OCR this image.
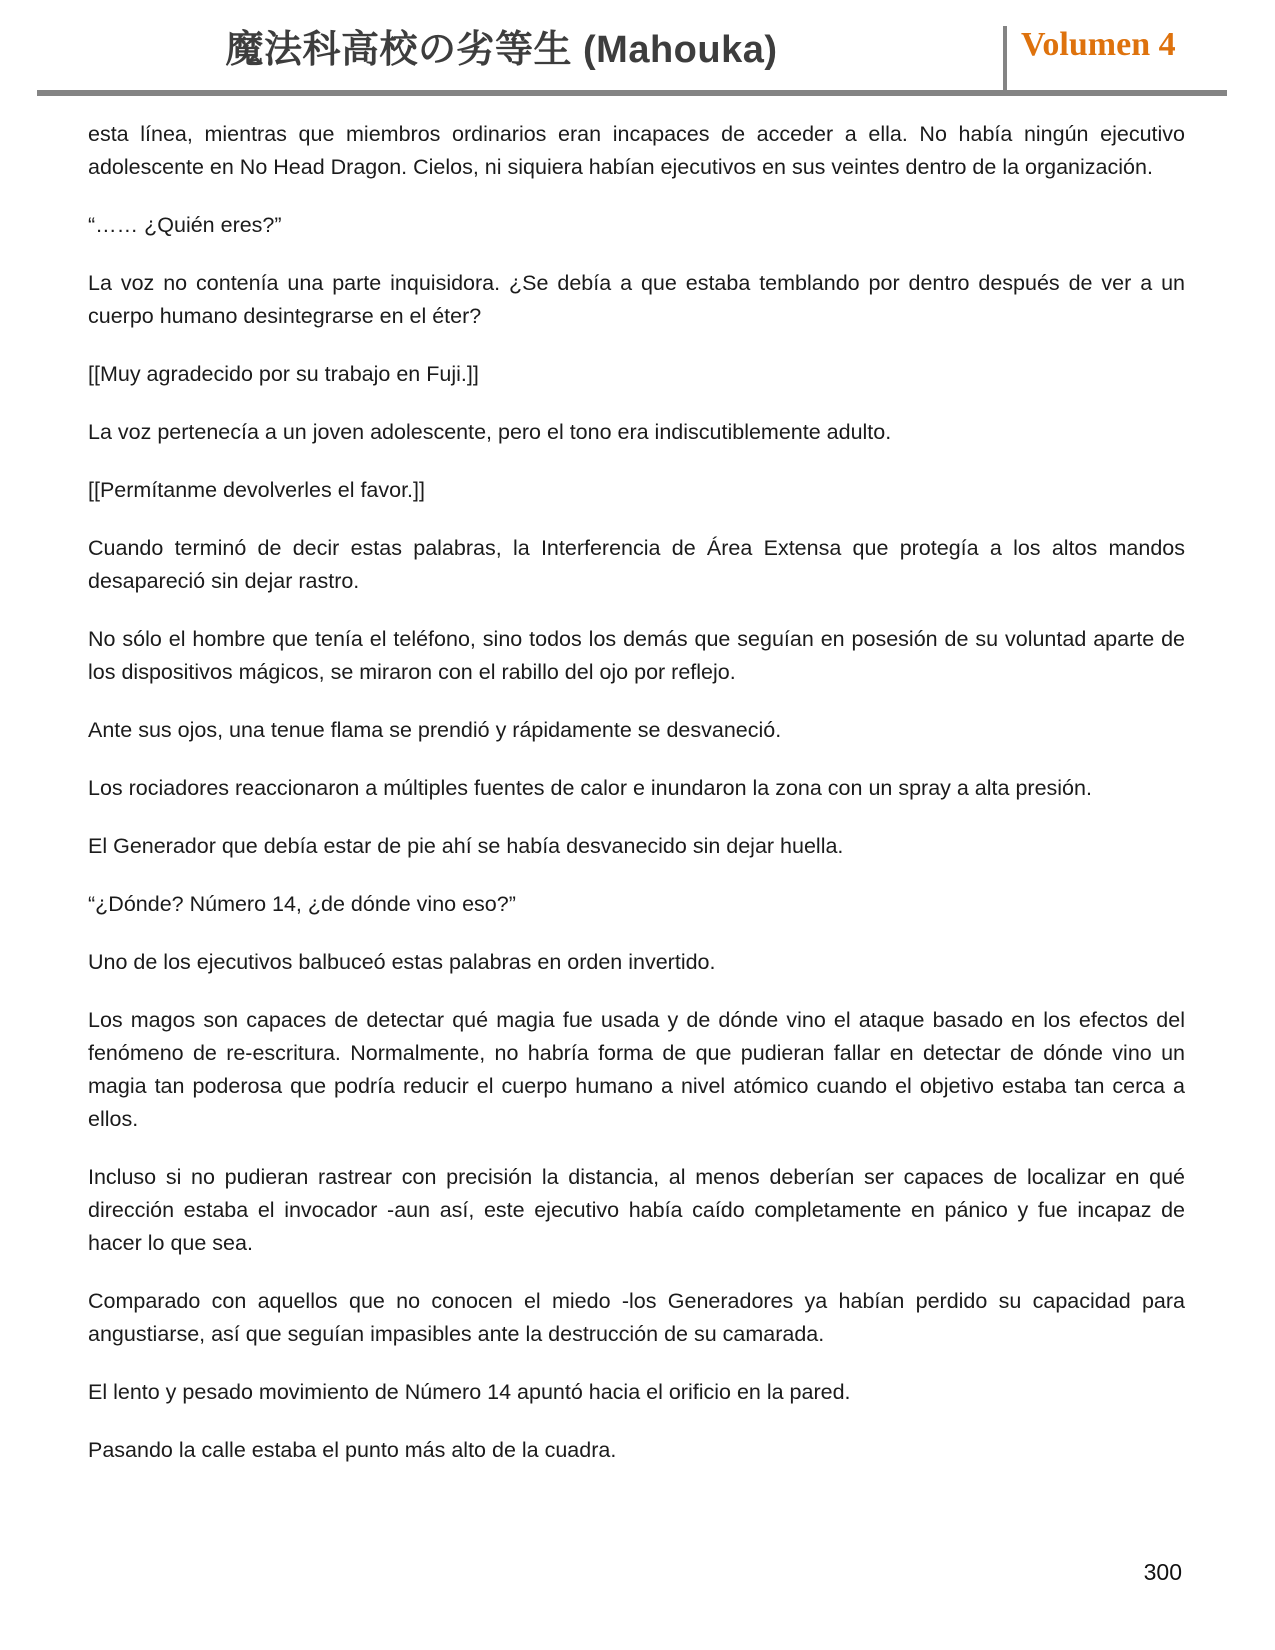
魔法科高校の劣等生 (Mahouka)	Volumen 4

esta línea, mientras que miembros ordinarios eran incapaces de acceder a ella. No había ningún ejecutivo adolescente en No Head Dragon. Cielos, ni siquiera habían ejecutivos en sus veintes dentro de la organización.

“…… ¿Quién eres?”

La voz no contenía una parte inquisidora. ¿Se debía a que estaba temblando por dentro después de ver a un cuerpo humano desintegrarse en el éter?

[[Muy agradecido por su trabajo en Fuji.]]

La voz pertenecía a un joven adolescente, pero el tono era indiscutiblemente adulto.

[[Permítanme devolverles el favor.]]

Cuando terminó de decir estas palabras, la Interferencia de Área Extensa que protegía a los altos mandos desapareció sin dejar rastro.

No sólo el hombre que tenía el teléfono, sino todos los demás que seguían en posesión de su voluntad aparte de los dispositivos mágicos, se miraron con el rabillo del ojo por reflejo.

Ante sus ojos, una tenue flama se prendió y rápidamente se desvaneció.

Los rociadores reaccionaron a múltiples fuentes de calor e inundaron la zona con un spray a alta presión.

El Generador que debía estar de pie ahí se había desvanecido sin dejar huella.

“¿Dónde? Número 14, ¿de dónde vino eso?”

Uno de los ejecutivos balbuceó estas palabras en orden invertido.

Los magos son capaces de detectar qué magia fue usada y de dónde vino el ataque basado en los efectos del fenómeno de re-escritura. Normalmente, no habría forma de que pudieran fallar en detectar de dónde vino un magia tan poderosa que podría reducir el cuerpo humano a nivel atómico cuando el objetivo estaba tan cerca a ellos.

Incluso si no pudieran rastrear con precisión la distancia, al menos deberían ser capaces de localizar en qué dirección estaba el invocador -aun así, este ejecutivo había caído completamente en pánico y fue incapaz de hacer lo que sea.

Comparado con aquellos que no conocen el miedo -los Generadores ya habían perdido su capacidad para angustiarse, así que seguían impasibles ante la destrucción de su camarada.

El lento y pesado movimiento de Número 14 apuntó hacia el orificio en la pared.

Pasando la calle estaba el punto más alto de la cuadra.

300
